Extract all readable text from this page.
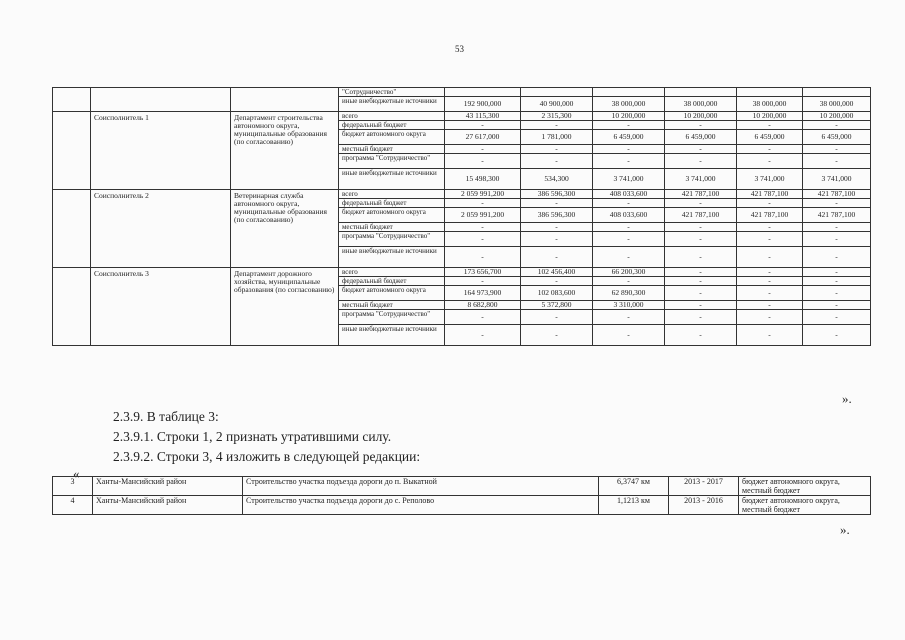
53
			"Сотрудничество"						
			иные внебюджетные источники	192 900,000	40 900,000	38 000,000	38 000,000	38 000,000	38 000,000
	Соисполнитель 1	Департамент строительства автономного округа, муниципальные образования (по согласованию)	всего	43 115,300	2 315,300	10 200,000	10 200,000	10 200,000	10 200,000
			федеральный бюджет	-	-	-	-	-	-
			бюджет автономного округа	27 617,000	1 781,000	6 459,000	6 459,000	6 459,000	6 459,000
			местный бюджет	-	-	-	-	-	-
			программа "Сотрудничество"	-	-	-	-	-	-
			иные внебюджетные источники	15 498,300	534,300	3 741,000	3 741,000	3 741,000	3 741,000
	Соисполнитель 2	Ветеринарная служба автономного округа, муниципальные образования (по согласованию)	всего	2 059 991,200	386 596,300	408 033,600	421 787,100	421 787,100	421 787,100
			федеральный бюджет	-	-	-	-	-	-
			бюджет автономного округа	2 059 991,200	386 596,300	408 033,600	421 787,100	421 787,100	421 787,100
			местный бюджет	-	-	-	-	-	-
			программа "Сотрудничество"	-	-	-	-	-	-
			иные внебюджетные источники	-	-	-	-	-	-
	Соисполнитель 3	Департамент дорожного хозяйства, муниципальные образования (по согласованию)	всего	173 656,700	102 456,400	66 200,300	-	-	-
			федеральный бюджет	-	-	-	-	-	-
			бюджет автономного округа	164 973,900	102 083,600	62 890,300	-	-	-
			местный бюджет	8 682,800	5 372,800	3 310,000	-	-	-
			программа "Сотрудничество"	-	-	-	-	-	-
			иные внебюджетные источники	-	-	-	-	-	-
».
2.3.9. В таблице 3:
2.3.9.1. Строки 1, 2 признать утратившими силу.
2.3.9.2. Строки 3, 4 изложить в следующей редакции:
«
3	Ханты-Мансийский район	Строительство участка подъезда дороги до п. Выкатной	6,3747 км	2013 - 2017	бюджет автономного округа, местный бюджет
4	Ханты-Мансийский район	Строительство участка подъезда дороги до с. Реполово	1,1213 км	2013 - 2016	бюджет автономного округа, местный бюджет
».
